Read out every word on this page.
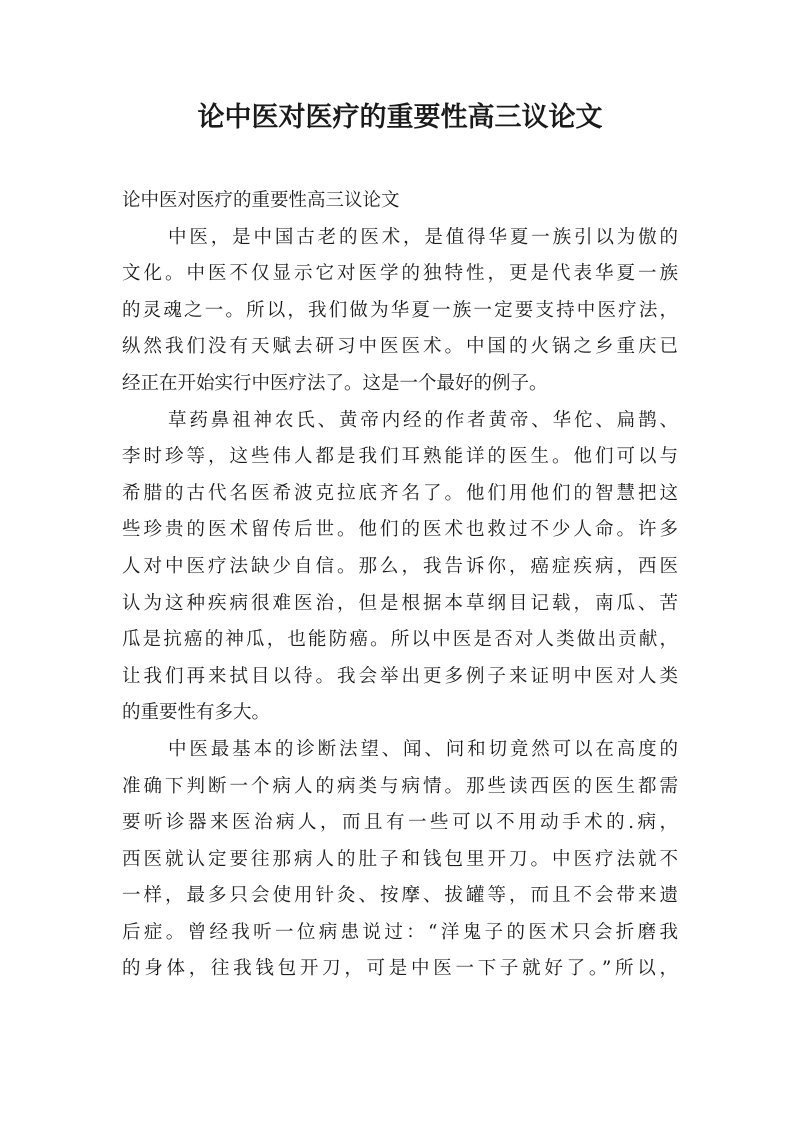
论中医对医疗的重要性高三议论文
论中医对医疗的重要性高三议论文
中医，是中国古老的医术，是值得华夏一族引以为傲的
文化。中医不仅显示它对医学的独特性，更是代表华夏一族
的灵魂之一。所以，我们做为华夏一族一定要支持中医疗法，
纵然我们没有天赋去研习中医医术。中国的火锅之乡重庆已
经正在开始实行中医疗法了。这是一个最好的例子。
草药鼻祖神农氏、黄帝内经的作者黄帝、华佗、扁鹊、
李时珍等，这些伟人都是我们耳熟能详的医生。他们可以与
希腊的古代名医希波克拉底齐名了。他们用他们的智慧把这
些珍贵的医术留传后世。他们的医术也救过不少人命。许多
人对中医疗法缺少自信。那么，我告诉你，癌症疾病，西医
认为这种疾病很难医治，但是根据本草纲目记载，南瓜、苦
瓜是抗癌的神瓜，也能防癌。所以中医是否对人类做出贡献，
让我们再来拭目以待。我会举出更多例子来证明中医对人类
的重要性有多大。
中医最基本的诊断法望、闻、问和切竟然可以在高度的
准确下判断一个病人的病类与病情。那些读西医的医生都需
要听诊器来医治病人，而且有一些可以不用动手术的.病，
西医就认定要往那病人的肚子和钱包里开刀。中医疗法就不
一样，最多只会使用针灸、按摩、拔罐等，而且不会带来遗
后症。曾经我听一位病患说过：“洋鬼子的医术只会折磨我
的身体，往我钱包开刀，可是中医一下子就好了。”所以，
